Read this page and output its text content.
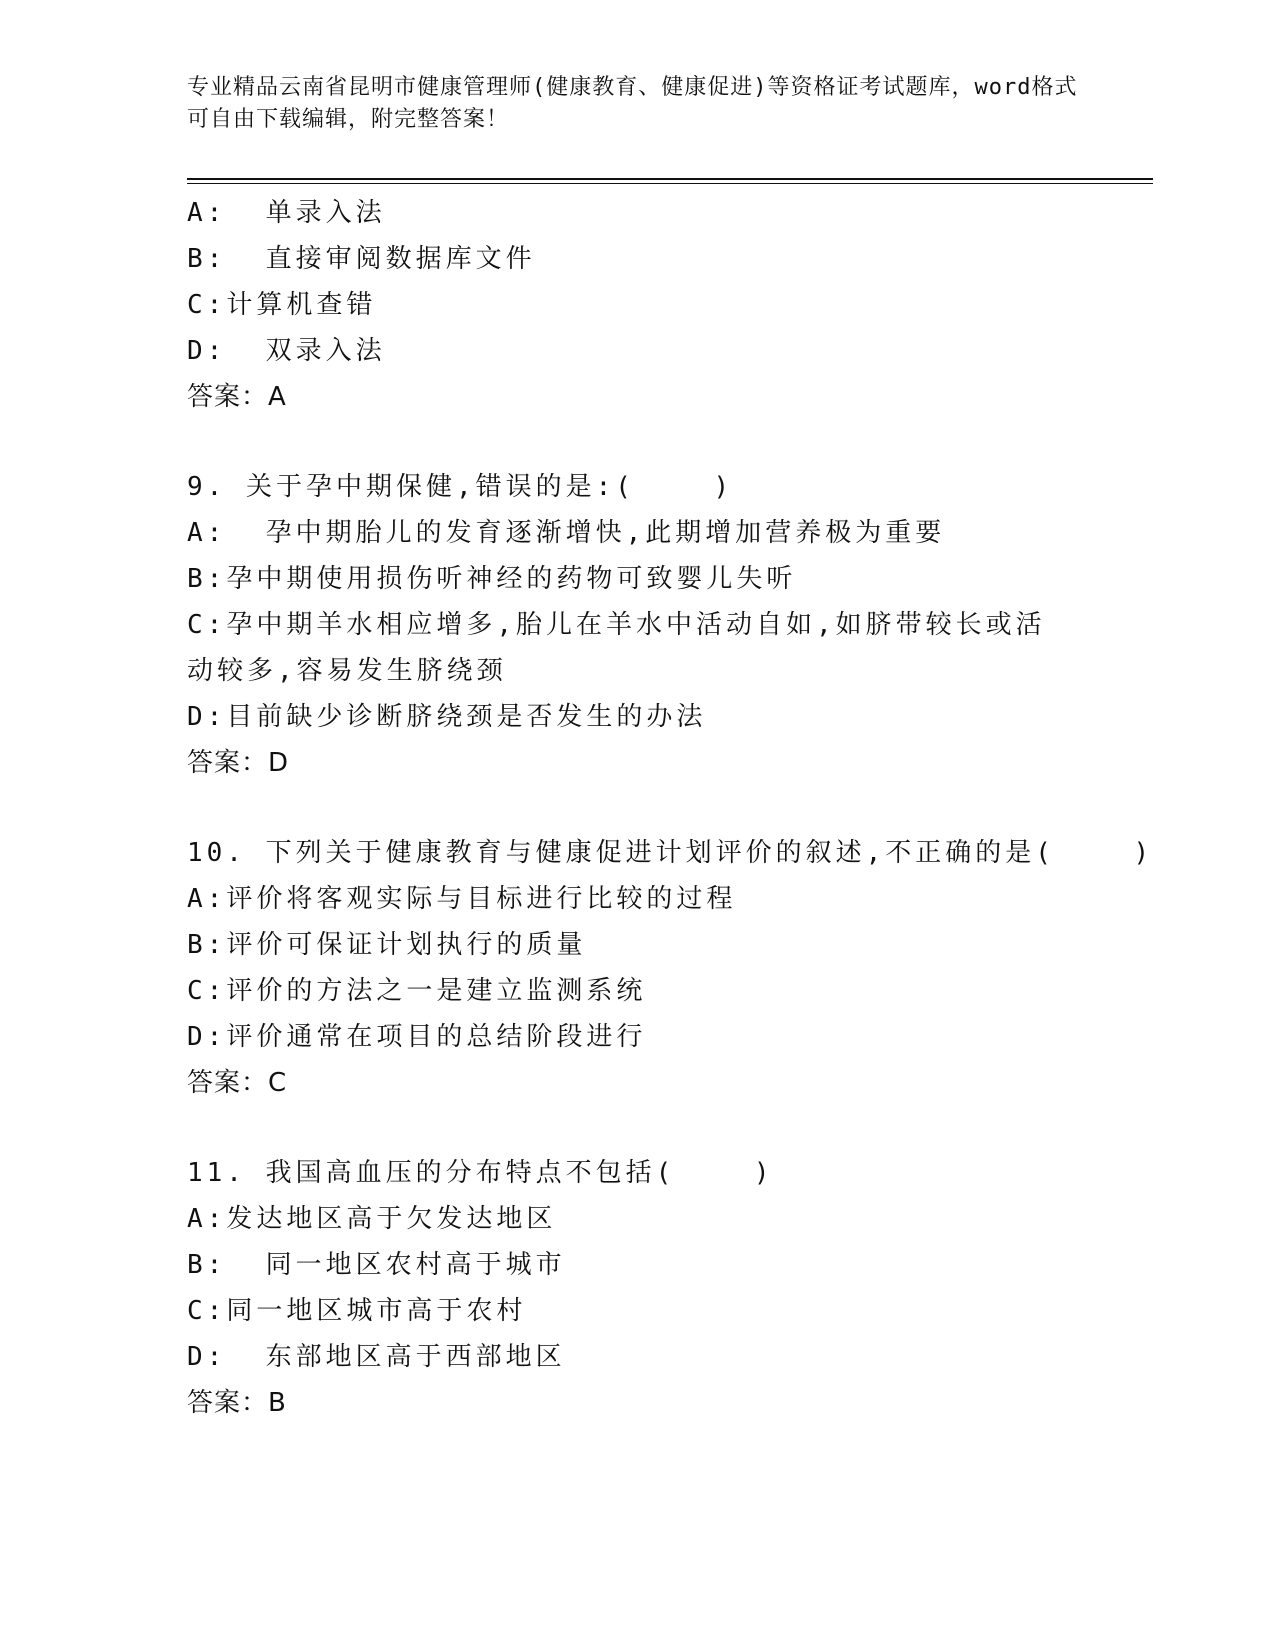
专业精品云南省昆明市健康管理师(健康教育、健康促进)等资格证考试题库，word格式可自由下载编辑，附完整答案！
A:  单录入法
B:  直接审阅数据库文件
C:计算机查错
D:  双录入法
答案：A
9. 关于孕中期保健,错误的是:(    )
A:  孕中期胎儿的发育逐渐增快,此期增加营养极为重要
B:孕中期使用损伤听神经的药物可致婴儿失听
C:孕中期羊水相应增多,胎儿在羊水中活动自如,如脐带较长或活动较多,容易发生脐绕颈
D:目前缺少诊断脐绕颈是否发生的办法
答案：D
10. 下列关于健康教育与健康促进计划评价的叙述,不正确的是(    )
A:评价将客观实际与目标进行比较的过程
B:评价可保证计划执行的质量
C:评价的方法之一是建立监测系统
D:评价通常在项目的总结阶段进行
答案：C
11. 我国高血压的分布特点不包括(    )
A:发达地区高于欠发达地区
B:  同一地区农村高于城市
C:同一地区城市高于农村
D:  东部地区高于西部地区
答案：B
